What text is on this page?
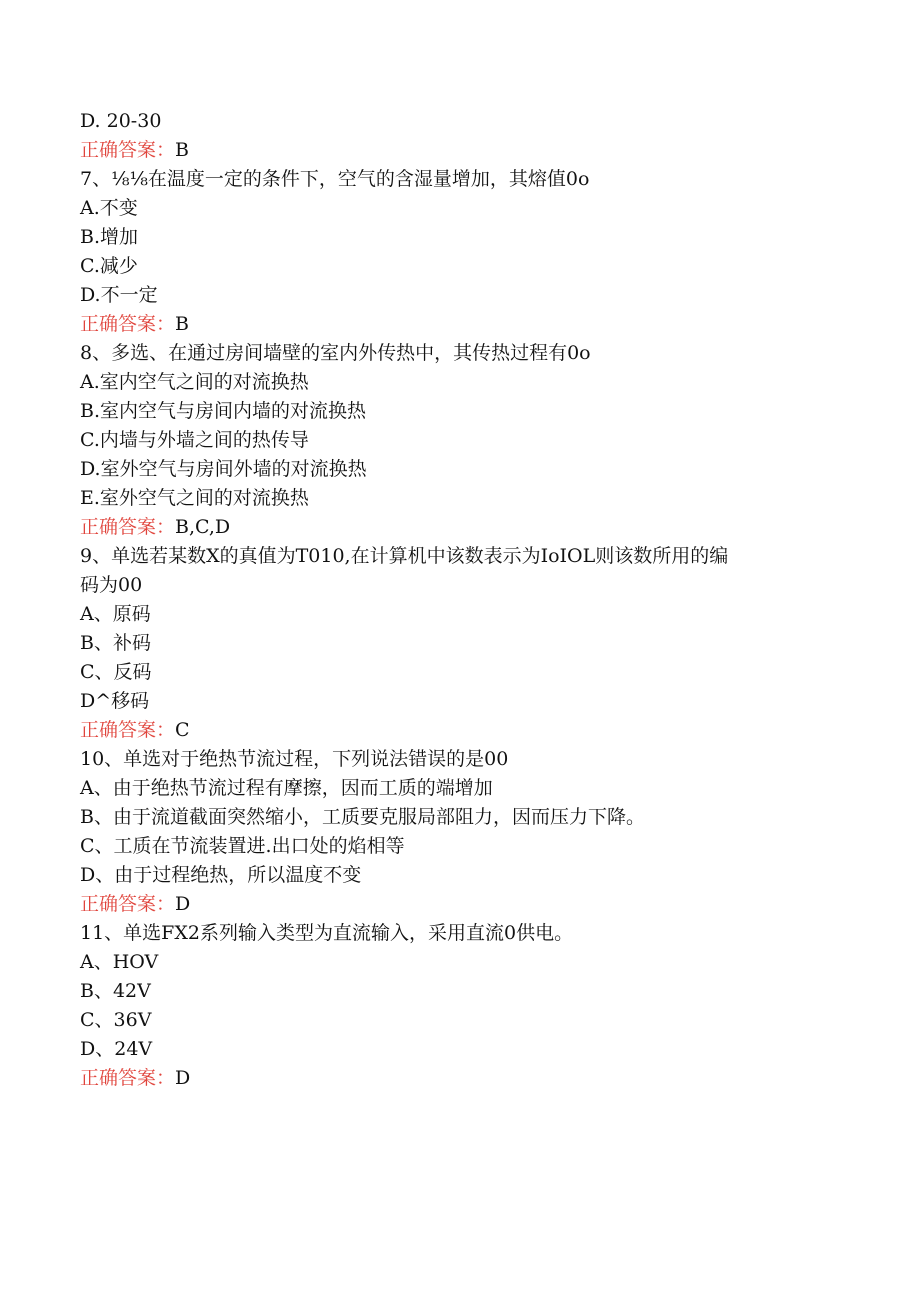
D. 20-30
正确答案：B
7、⅛⅛在温度一定的条件下，空气的含湿量增加，其熔值0o
A.不变
B.增加
C.减少
D.不一定
正确答案：B
8、多选、在通过房间墙壁的室内外传热中，其传热过程有0o
A.室内空气之间的对流换热
B.室内空气与房间内墙的对流换热
C.内墙与外墙之间的热传导
D.室外空气与房间外墙的对流换热
E.室外空气之间的对流换热
正确答案：B,C,D
9、单选若某数X的真值为T010,在计算机中该数表示为IoIOL则该数所用的编
码为00
A、原码
B、补码
C、反码
D^移码
正确答案：C
10、单选对于绝热节流过程，下列说法错误的是00
A、由于绝热节流过程有摩擦，因而工质的端增加
B、由于流道截面突然缩小，工质要克服局部阻力，因而压力下降。
C、工质在节流装置进.出口处的焰相等
D、由于过程绝热，所以温度不变
正确答案：D
11、单选FX2系列输入类型为直流输入，采用直流0供电。
A、HOV
B、42V
C、36V
D、24V
正确答案：D
